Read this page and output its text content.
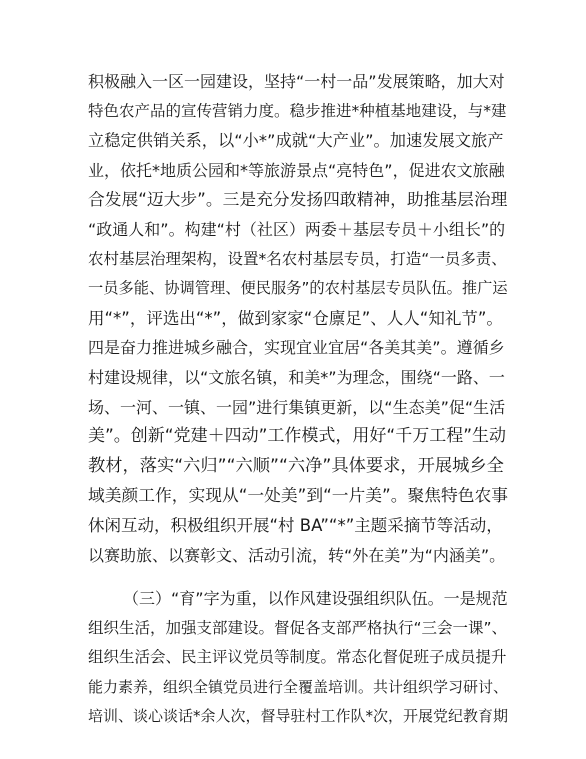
积极融入一区一园建设，坚持“一村一品”发展策略，加大对
特色农产品的宣传营销力度。稳步推进*种植基地建设，与*建
立稳定供销关系，以“小*”成就“大产业”。加速发展文旅产
业，依托*地质公园和*等旅游景点“亮特色”，促进农文旅融
合发展“迈大步”。三是充分发扬四敢精神，助推基层治理
“政通人和”。构建“村（社区）两委＋基层专员＋小组长”的
农村基层治理架构，设置*名农村基层专员，打造“一员多责、
一员多能、协调管理、便民服务”的农村基层专员队伍。推广运
用“*”，评选出“*”，做到家家“仓廪足”、人人“知礼节”。
四是奋力推进城乡融合，实现宜业宜居“各美其美”。遵循乡
村建设规律，以“文旅名镇，和美*”为理念，围绕“一路、一
场、一河、一镇、一园”进行集镇更新，以“生态美”促“生活
美”。创新“党建＋四动”工作模式，用好“千万工程”生动
教材，落实“六归”“六顺”“六净”具体要求，开展城乡全
域美颜工作，实现从“一处美”到“一片美”。聚焦特色农事
休闲互动，积极组织开展“村 BA”“*”主题采摘节等活动，
以赛助旅、以赛彰文、活动引流，转“外在美”为“内涵美”。
（三）“育”字为重，以作风建设强组织队伍。一是规范
组织生活，加强支部建设。督促各支部严格执行“三会一课”、
组织生活会、民主评议党员等制度。常态化督促班子成员提升
能力素养，组织全镇党员进行全覆盖培训。共计组织学习研讨、
培训、谈心谈话*余人次，督导驻村工作队*次，开展党纪教育期
